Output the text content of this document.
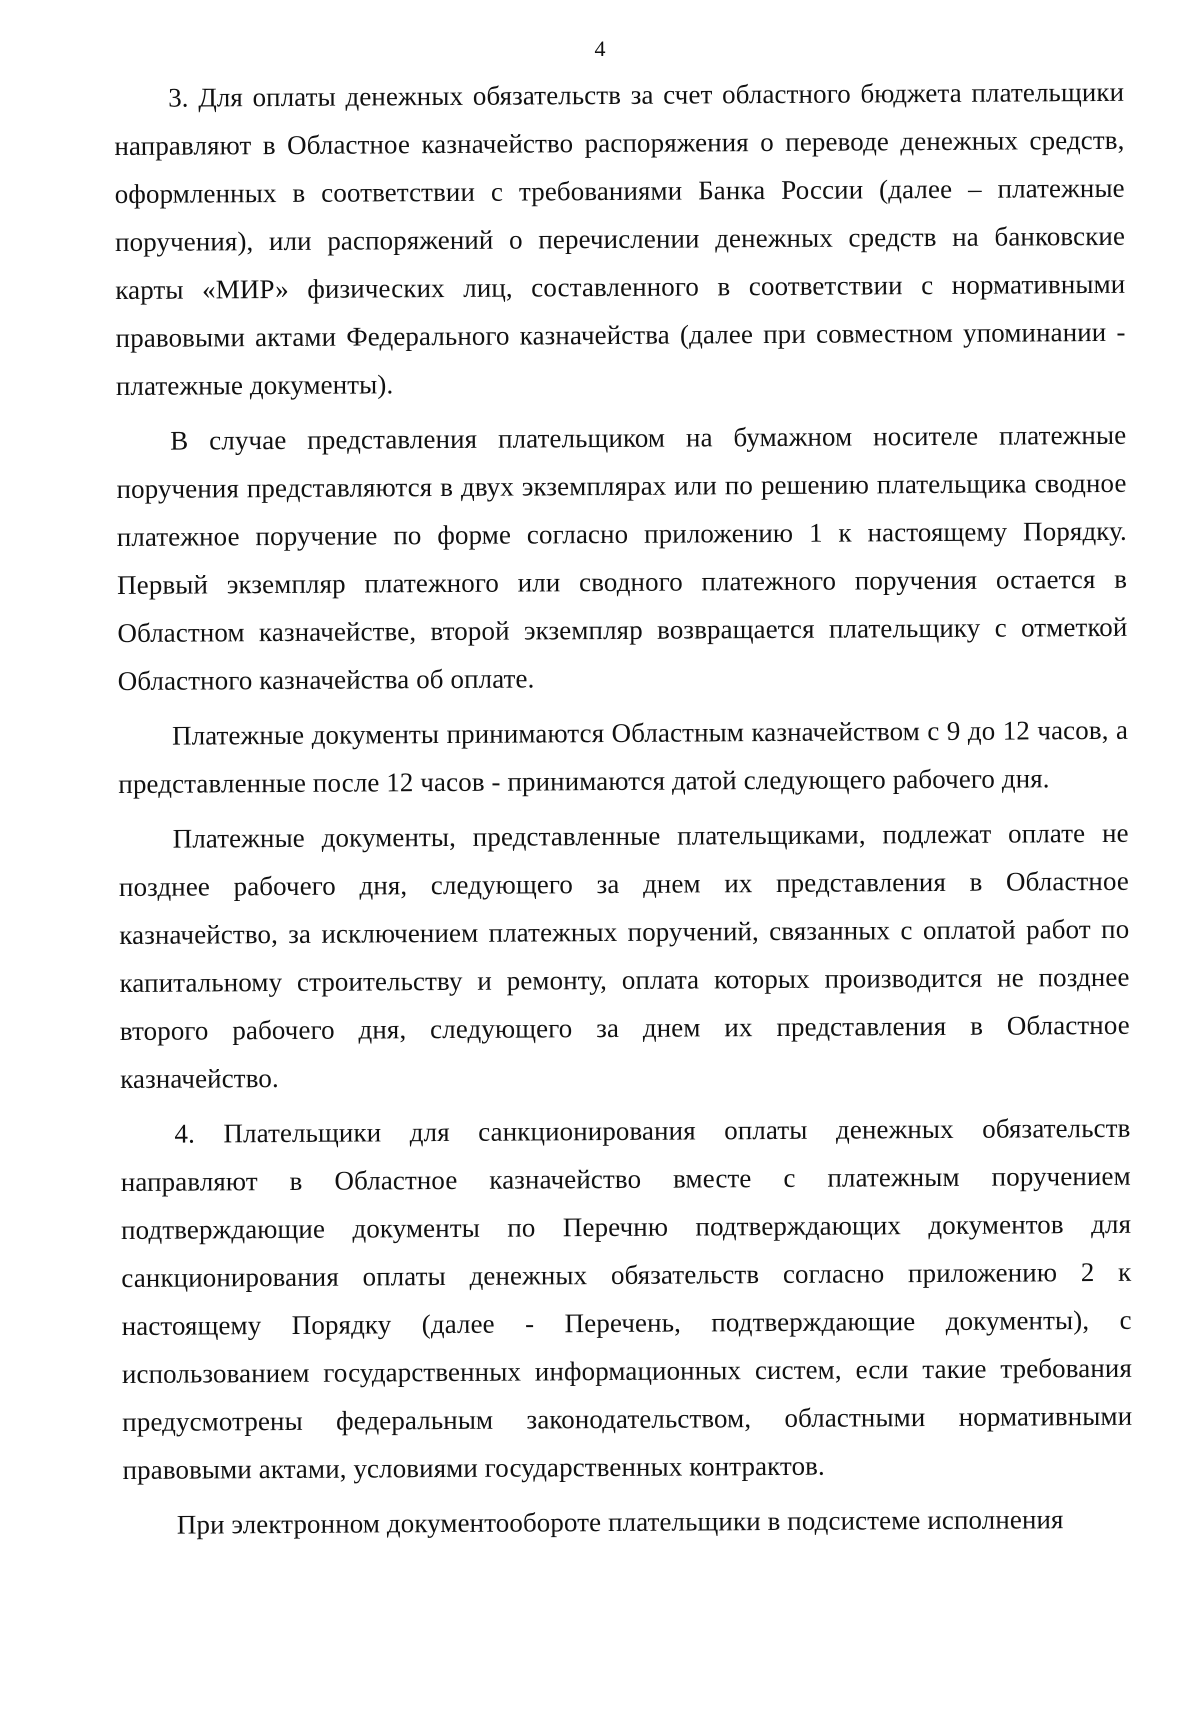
4

3. Для оплаты денежных обязательств за счет областного бюджета плательщики направляют в Областное казначейство распоряжения о переводе денежных средств, оформленных в соответствии с требованиями Банка России (далее – платежные поручения), или распоряжений о перечислении денежных средств на банковские карты «МИР» физических лиц, составленного в соответствии с нормативными правовыми актами Федерального казначейства (далее при совместном упоминании - платежные документы).

В случае представления плательщиком на бумажном носителе платежные поручения представляются в двух экземплярах или по решению плательщика сводное платежное поручение по форме согласно приложению 1 к настоящему Порядку. Первый экземпляр платежного или сводного платежного поручения остается в Областном казначействе, второй экземпляр возвращается плательщику с отметкой Областного казначейства об оплате.

Платежные документы принимаются Областным казначейством с 9 до 12 часов, а представленные после 12 часов - принимаются датой следующего рабочего дня.

Платежные документы, представленные плательщиками, подлежат оплате не позднее рабочего дня, следующего за днем их представления в Областное казначейство, за исключением платежных поручений, связанных с оплатой работ по капитальному строительству и ремонту, оплата которых производится не позднее второго рабочего дня, следующего за днем их представления в Областное казначейство.

4. Плательщики для санкционирования оплаты денежных обязательств направляют в Областное казначейство вместе с платежным поручением подтверждающие документы по Перечню подтверждающих документов для санкционирования оплаты денежных обязательств согласно приложению 2 к настоящему Порядку (далее - Перечень, подтверждающие документы), с использованием государственных информационных систем, если такие требования предусмотрены федеральным законодательством, областными нормативными правовыми актами, условиями государственных контрактов.

При электронном документообороте плательщики в подсистеме исполнения
